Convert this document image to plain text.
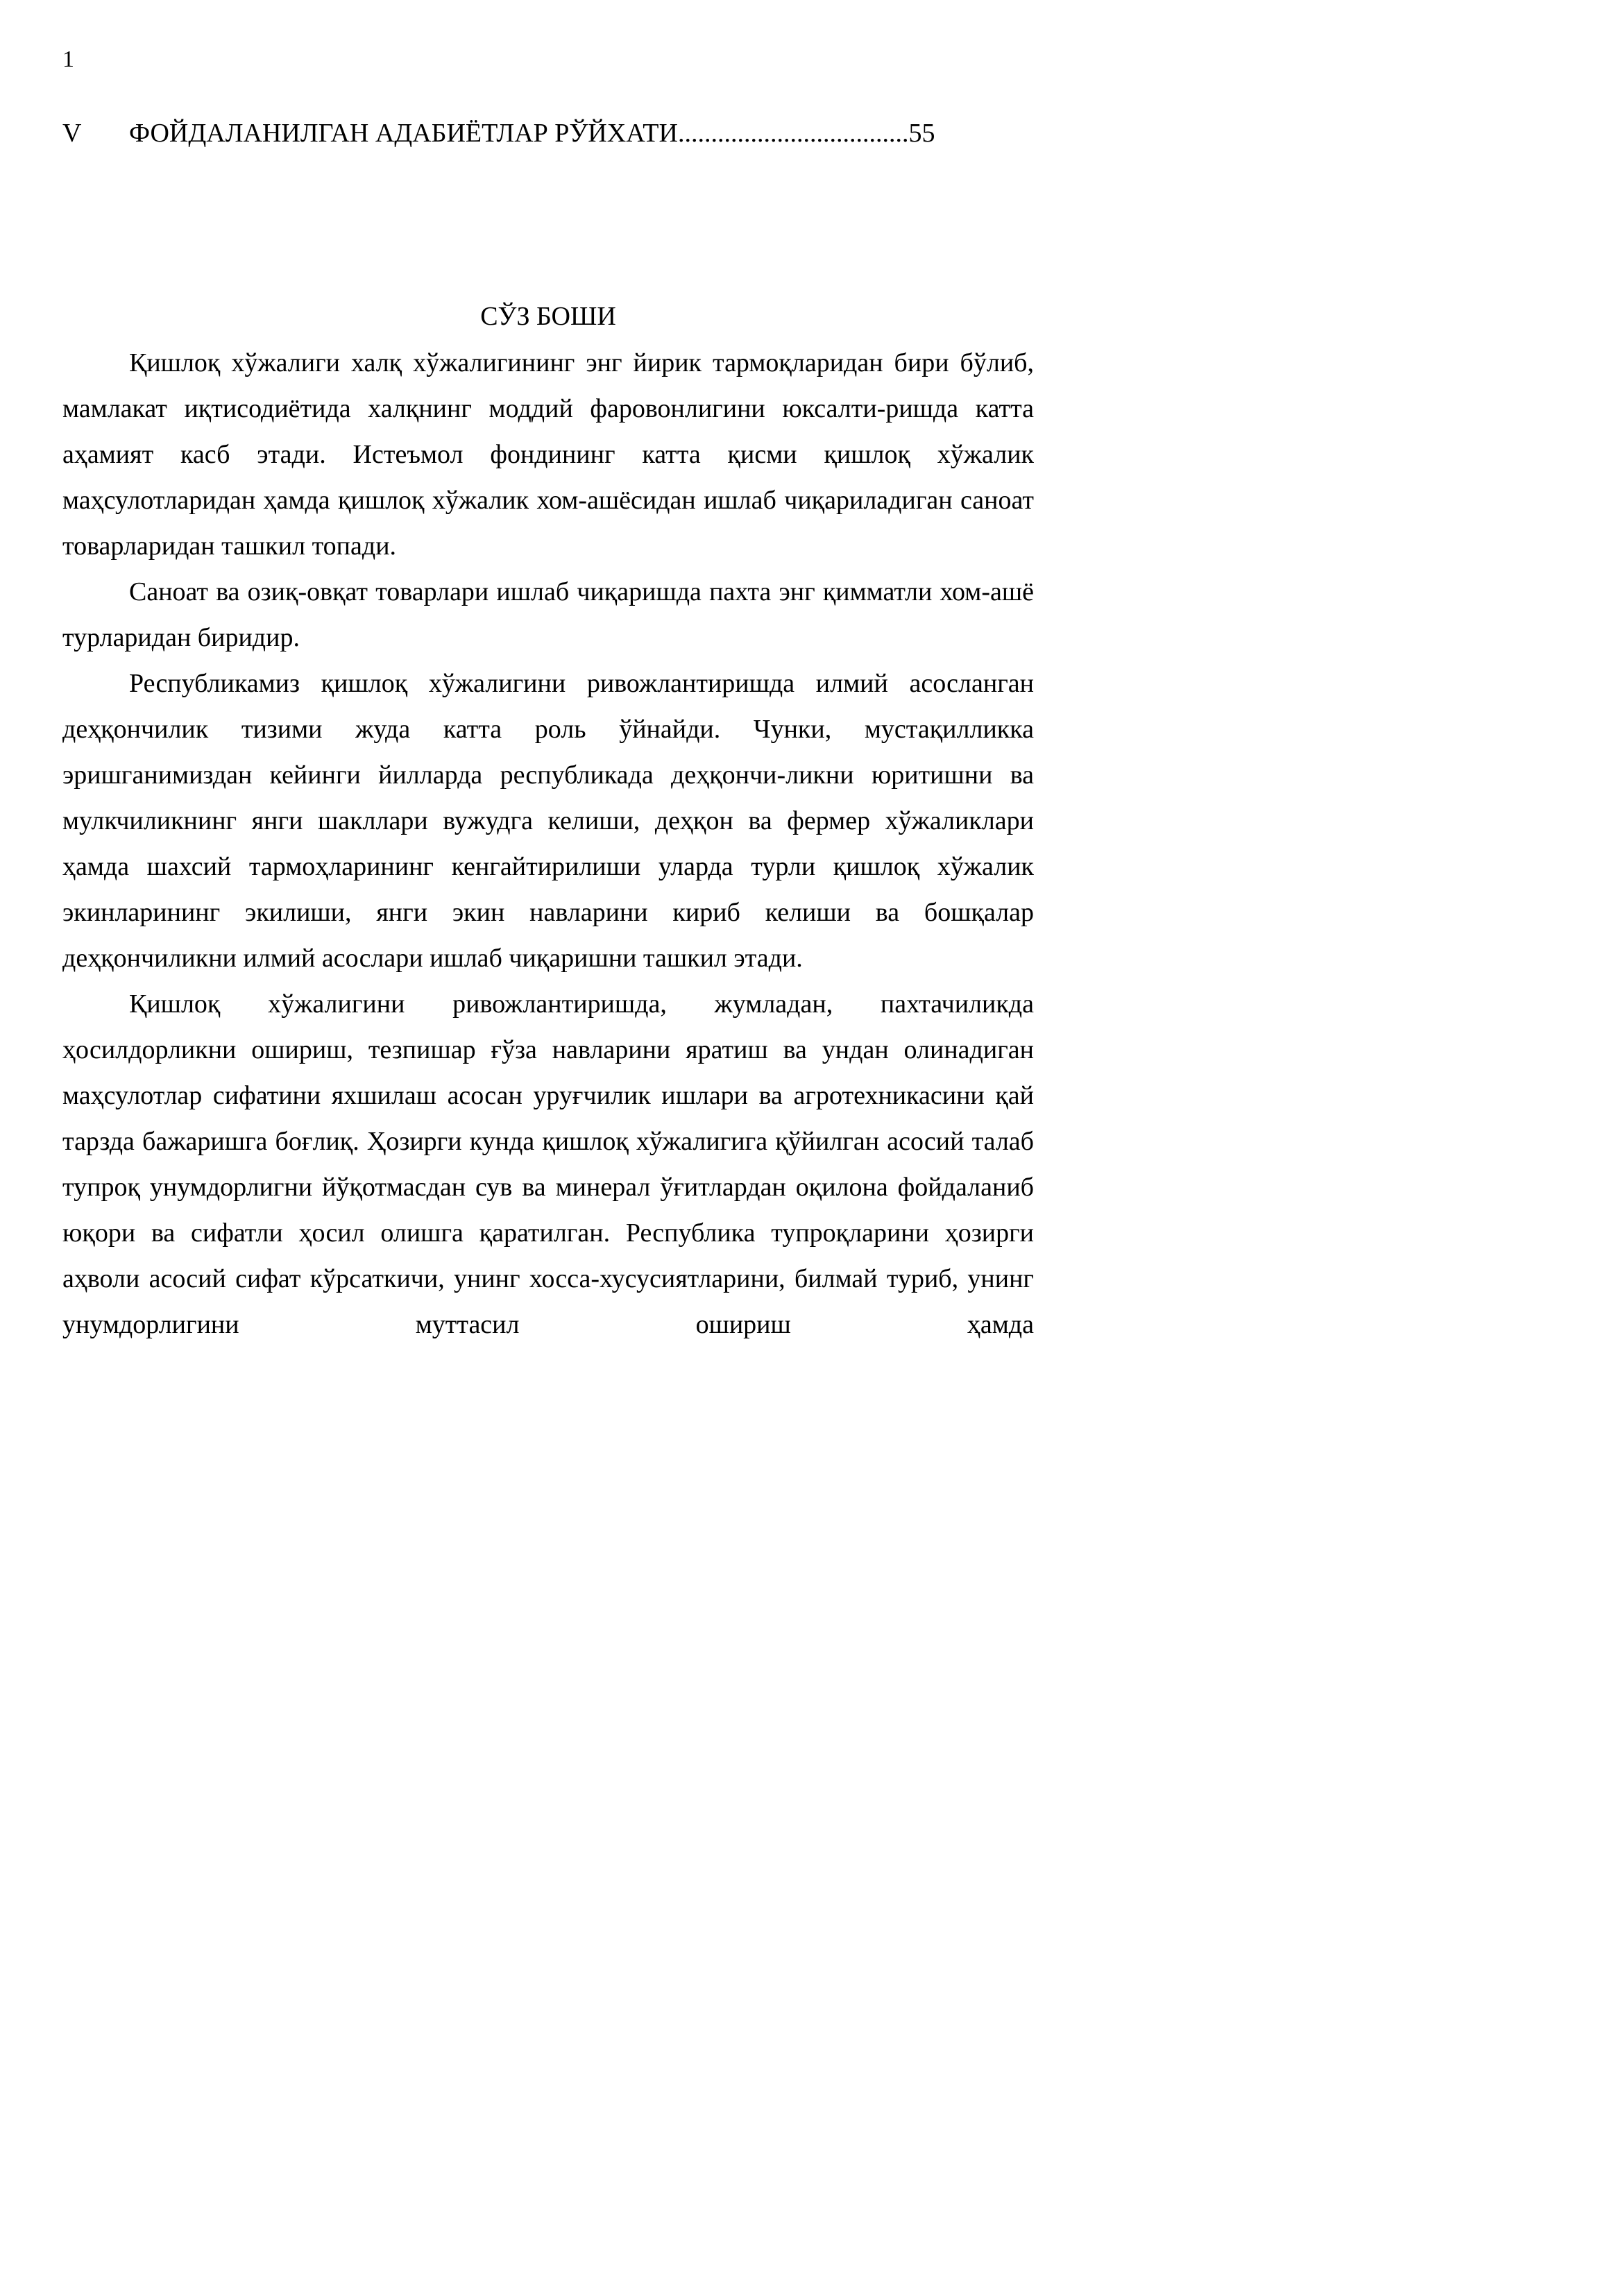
1
V ФОЙДАЛАНИЛГАН АДАБИЁТЛАР РЎЙХАТИ...................................55
СЎЗ БОШИ

Қишлоқ хўжалиги халқ хўжалигининг энг йирик тармоқларидан бири бўлиб, мамлакат иқтисодиётида халқнинг моддий фаровонлигини юксалти-ришда катта аҳамият касб этади. Истеъмол фондининг катта қисми қишлоқ хўжалик маҳсулотларидан ҳамда қишлоқ хўжалик хом-ашёсидан ишлаб чиқариладиган саноат товарларидан ташкил топади.

Саноат ва озиқ-овқат товарлари ишлаб чиқаришда пахта энг қимматли хом-ашё турларидан биридир.

Республикамиз қишлоқ хўжалигини ривожлантиришда илмий асосланган деҳқончилик тизими жуда катта роль ўйнайди. Чунки, мустақилликка эришганимиздан кейинги йилларда республикада деҳқончи-ликни юритишни ва мулкчиликнинг янги шакллари вужудга келиши, деҳқон ва фермер хўжаликлари ҳамда шахсий тармоҳларининг кенгайтирилиши уларда турли қишлоқ хўжалик экинларининг экилиши, янги экин навларини кириб келиши ва бошқалар деҳқончиликни илмий асослари ишлаб чиқаришни ташкил этади.

Қишлоқ хўжалигини ривожлантиришда, жумладан, пахтачиликда ҳосилдорликни ошириш, тезпишар ғўза навларини яратиш ва ундан олинадиган маҳсулотлар сифатини яхшилаш асосан уруғчилик ишлари ва агротехникасини қай тарзда бажаришга боғлиқ. Ҳозирги кунда қишлоқ хўжалигига қўйилган асосий талаб тупроқ унумдорлигни йўқотмасдан сув ва минерал ўғитлардан оқилона фойдаланиб юқори ва сифатли ҳосил олишга қаратилган. Республика тупроқларини ҳозирги аҳволи асосий сифат кўрсаткичи, унинг хосса-хусусиятларини, билмай туриб, унинг унумдорлигини муттасил ошириш ҳамда
